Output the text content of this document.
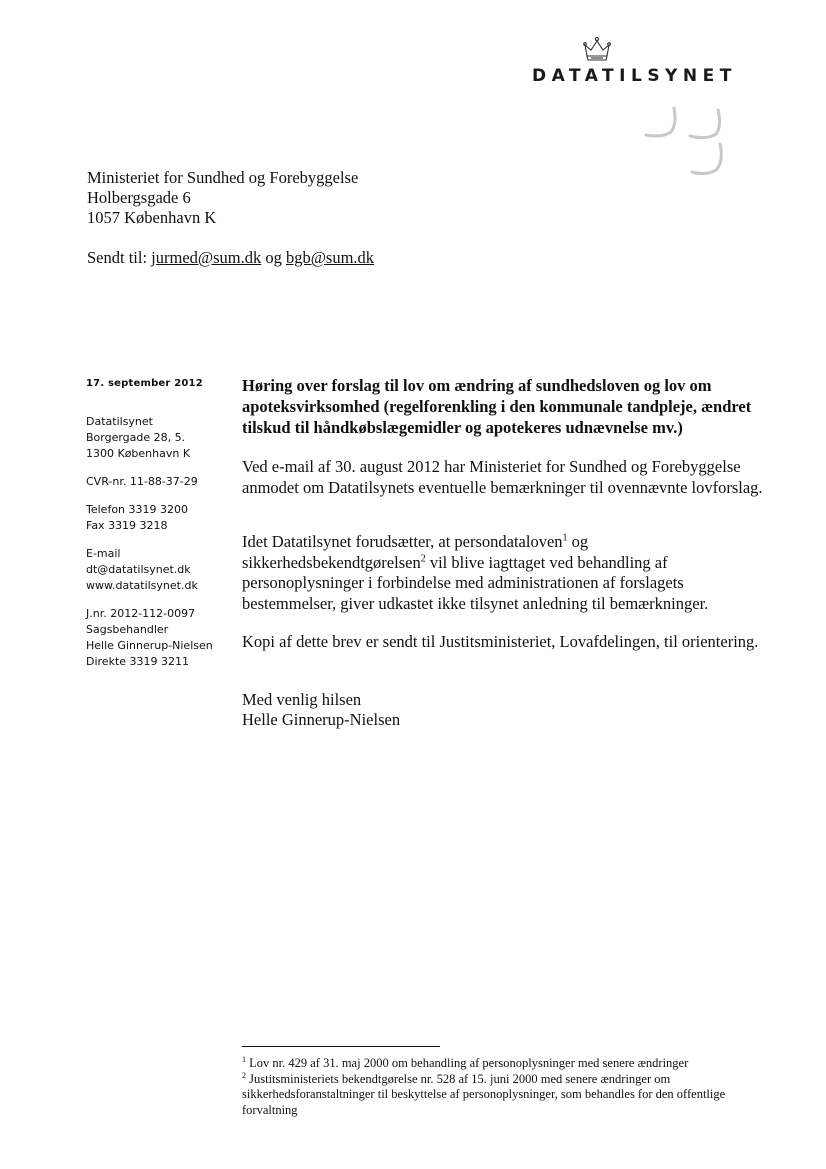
DATATILSYNET
Ministeriet for Sundhed og Forebyggelse
Holbergsgade 6
1057 København K
Sendt til: jurmed@sum.dk og bgb@sum.dk
17. september 2012
Datatilsynet
Borgergade 28, 5.
1300 København K
CVR-nr. 11-88-37-29
Telefon 3319 3200
Fax 3319 3218
E-mail
dt@datatilsynet.dk
www.datatilsynet.dk
J.nr. 2012-112-0097
Sagsbehandler
Helle Ginnerup-Nielsen
Direkte 3319 3211
Høring over forslag til lov om ændring af sundhedsloven og lov om apoteksvirksomhed (regelforenkling i den kommunale tandpleje, ændret tilskud til håndkøbslægemidler og apotekeres udnævnelse mv.)
Ved e-mail af 30. august 2012 har Ministeriet for Sundhed og Forebyggelse anmodet om Datatilsynets eventuelle bemærkninger til ovennævnte lovforslag.
Idet Datatilsynet forudsætter, at persondataloven$^1$ og sikkerhedsbekendtgørelsen$^2$ vil blive iagttaget ved behandling af personoplysninger i forbindelse med administrationen af forslagets bestemmelser, giver udkastet ikke tilsynet anledning til bemærkninger.
Kopi af dette brev er sendt til Justitsministeriet, Lovafdelingen, til orientering.
Med venlig hilsen
Helle Ginnerup-Nielsen
$^1$ Lov nr. 429 af 31. maj 2000 om behandling af personoplysninger med senere ændringer
$^2$ Justitsministeriets bekendtgørelse nr. 528 af 15. juni 2000 med senere ændringer om sikkerhedsforanstaltninger til beskyttelse af personoplysninger, som behandles for den offentlige forvaltning
